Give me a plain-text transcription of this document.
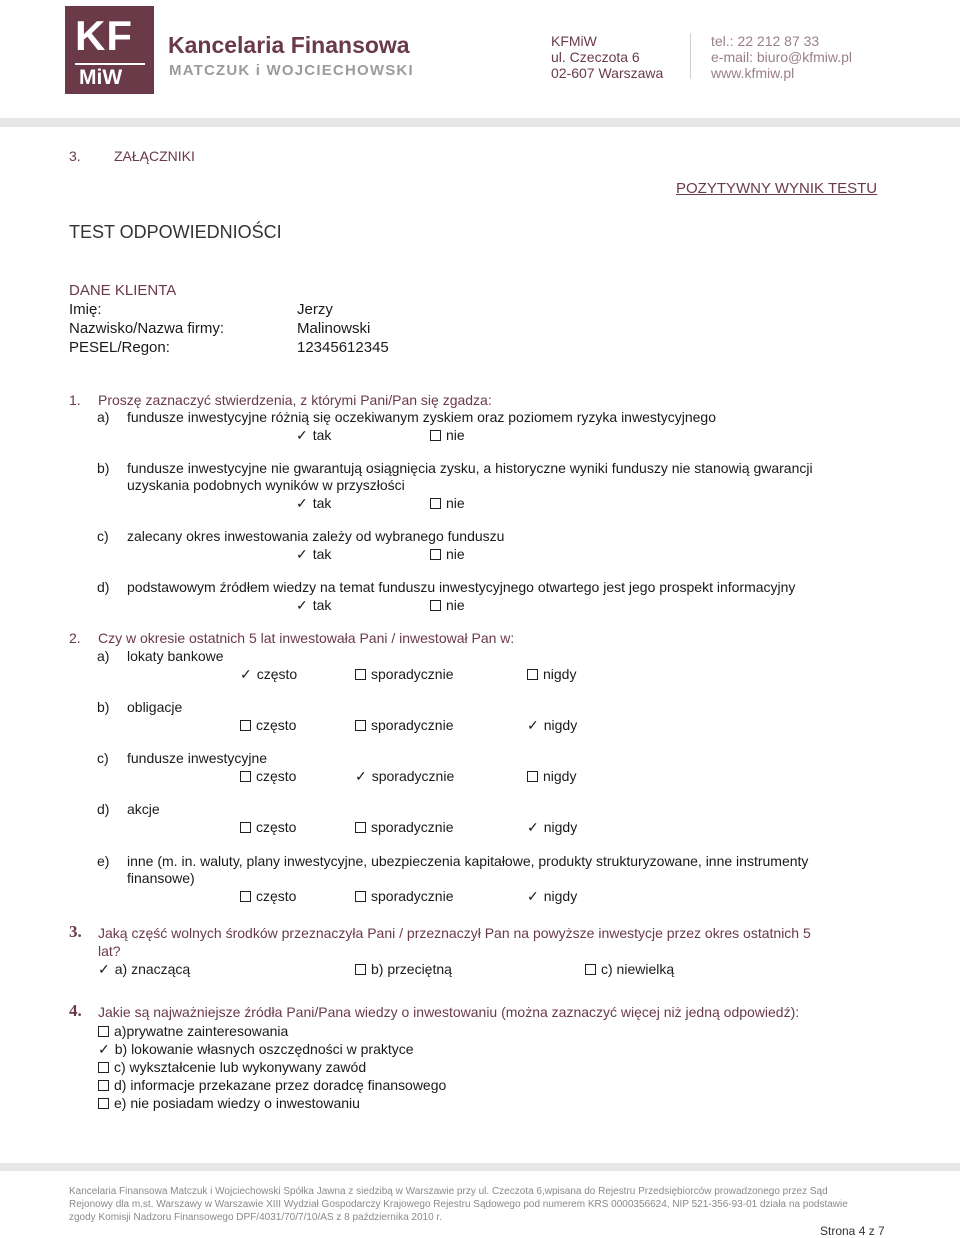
KF
MiW
Kancelaria Finansowa
MATCZUK i WOJCIECHOWSKI
KFMiW
ul. Czeczota 6
02-607 Warszawa
tel.: 22 212 87 33
e-mail: biuro@kfmiw.pl
www.kfmiw.pl
3. ZAŁĄCZNIKI
POZYTYWNY WYNIK TESTU
TEST ODPOWIEDNIOŚCI
DANE KLIENTA
Imię:	Jerzy
Nazwisko/Nazwa firmy:	Malinowski
PESEL/Regon:	12345612345
1. Proszę zaznaczyć stwierdzenia, z którymi Pani/Pan się zgadza:
a) fundusze inwestycyjne różnią się oczekiwanym zyskiem oraz poziomem ryzyka inwestycyjnego
✓ tak	nie
b) fundusze inwestycyjne nie gwarantują osiągnięcia zysku, a historyczne wyniki funduszy nie stanowią gwarancji
uzyskania podobnych wyników w przyszłości
✓ tak	nie
c) zalecany okres inwestowania zależy od wybranego funduszu
✓ tak	nie
d) podstawowym źródłem wiedzy na temat funduszu inwestycyjnego otwartego jest jego prospekt informacyjny
✓ tak	nie
2. Czy w okresie ostatnich 5 lat inwestowała Pani / inwestował Pan w:
a) lokaty bankowe
✓ często	sporadycznie	nigdy
b) obligacje
często	sporadycznie	✓ nigdy
c) fundusze inwestycyjne
często	✓ sporadycznie	nigdy
d) akcje
często	sporadycznie	✓ nigdy
e) inne (m. in. waluty, plany inwestycyjne, ubezpieczenia kapitałowe, produkty strukturyzowane, inne instrumenty
finansowe)
często	sporadycznie	✓ nigdy
3. Jaką część wolnych środków przeznaczyła Pani / przeznaczył Pan na powyższe inwestycje przez okres ostatnich 5
lat?
✓ a) znaczącą	b) przeciętną	c) niewielką
4. Jakie są najważniejsze źródła Pani/Pana wiedzy o inwestowaniu (można zaznaczyć więcej niż jedną odpowiedź):
a)prywatne zainteresowania
✓ b) lokowanie własnych oszczędności w praktyce
c) wykształcenie lub wykonywany zawód
d) informacje przekazane przez doradcę finansowego
e) nie posiadam wiedzy o inwestowaniu
Kancelaria Finansowa Matczuk i Wojciechowski Spółka Jawna z siedzibą w Warszawie przy ul. Czeczota 6,wpisana do Rejestru Przedsiębiorców prowadzonego przez Sąd
Rejonowy dla m.st. Warszawy w Warszawie XIII Wydział Gospodarczy Krajowego Rejestru Sądowego pod numerem KRS 0000356624, NIP 521-356-93-01 działa na podstawie
zgody Komisji Nadzoru Finansowego DPF/4031/70/7/10/AS z 8 października 2010 r.
Strona 4 z 7
